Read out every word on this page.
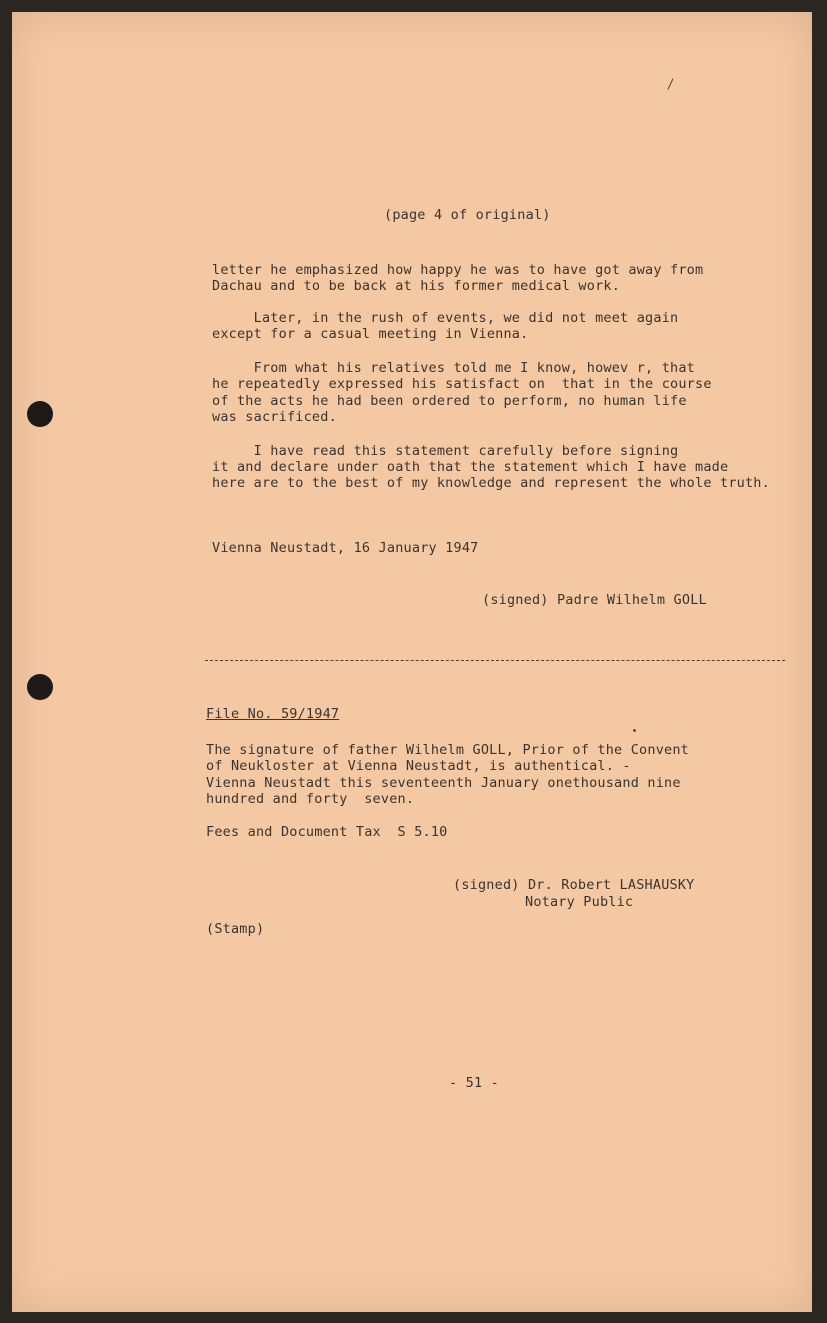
(page 4 of original)
letter he emphasized how happy he was to have got away from
Dachau and to be back at his former medical work.
Later, in the rush of events, we did not meet again
except for a casual meeting in Vienna.
From what his relatives told me I know, howev r, that
he repeatedly expressed his satisfact on  that in the course
of the acts he had been ordered to perform, no human life
was sacrificed.
I have read this statement carefully before signing
it and declare under oath that the statement which I have made
here are to the best of my knowledge and represent the whole truth.
Vienna Neustadt, 16 January 1947
(signed) Padre Wilhelm GOLL
File No. 59/1947
The signature of father Wilhelm GOLL, Prior of the Convent
of Neukloster at Vienna Neustadt, is authentical. -
Vienna Neustadt this seventeenth January onethousand nine
hundred and forty  seven.
Fees and Document Tax  S 5.10
(signed) Dr. Robert LASHAUSKY
Notary Public
(Stamp)
- 51 -
